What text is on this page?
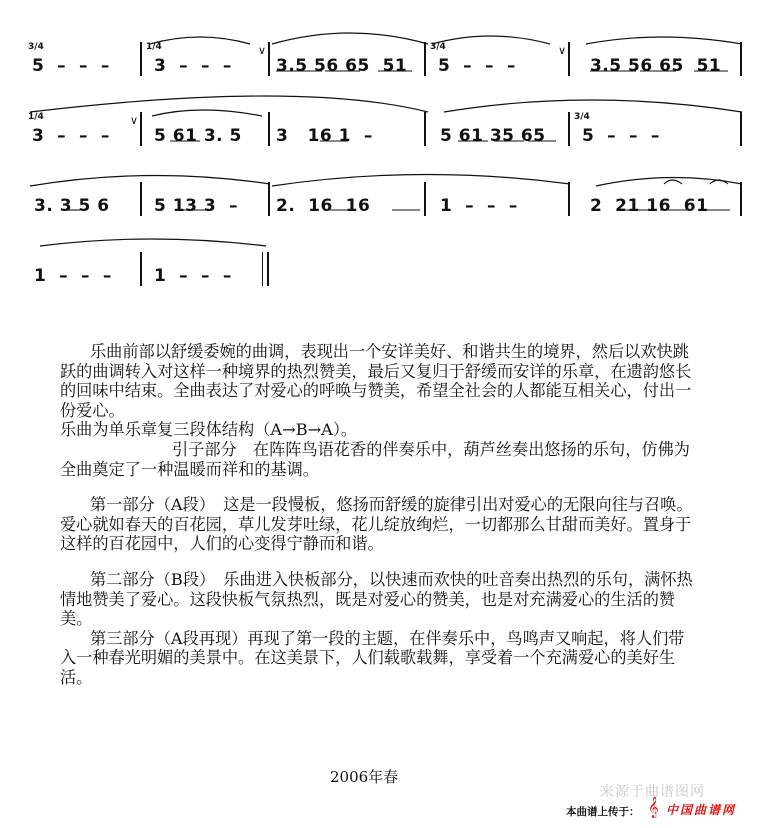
3/4
5  –  –  –
1/4
3  –  –  –
∨
3.5 56 65  51
3/4
5  –  –  –
∨
3.5 56 65  51
1/4
3  –  –  –
∨
5 61 3. 5 3   16 1  –	5 61 35 65
3/4
5  –  –  –
3. 3 5 6	5 13 3  – 2.  16  16	1  –  –  –	2  21 16  61
1  –  –  – 1  –  –  –

乐曲前部以舒缓委婉的曲调，表现出一个安详美好、和谐共生的境界，然后以欢快跳跃的曲调转入对这样一种境界的热烈赞美，最后又复归于舒缓而安详的乐章，在遗韵悠长的回味中结束。全曲表达了对爱心的呼唤与赞美，希望全社会的人都能互相关心，付出一份爱心。

乐曲为单乐章复三段体结构（A→B→A）。

引子部分　在阵阵鸟语花香的伴奏乐中，葫芦丝奏出悠扬的乐句，仿佛为全曲奠定了一种温暖而祥和的基调。

第一部分（A段）　这是一段慢板，悠扬而舒缓的旋律引出对爱心的无限向往与召唤。爱心就如春天的百花园，草儿发芽吐绿，花儿绽放绚烂，一切都那么甘甜而美好。置身于这样的百花园中，人们的心变得宁静而和谐。

第二部分（B段）　乐曲进入快板部分，以快速而欢快的吐音奏出热烈的乐句，满怀热情地赞美了爱心。这段快板气氛热烈，既是对爱心的赞美，也是对充满爱心的生活的赞美。

第三部分（A段再现）再现了第一段的主题，在伴奏乐中，鸟鸣声又响起，将人们带入一种春光明媚的美景中。在这美景下，人们载歌载舞，享受着一个充满爱心的美好生活。

2006年春
来源于曲谱图网
本曲谱上传于： 𝄞 中国曲谱网
